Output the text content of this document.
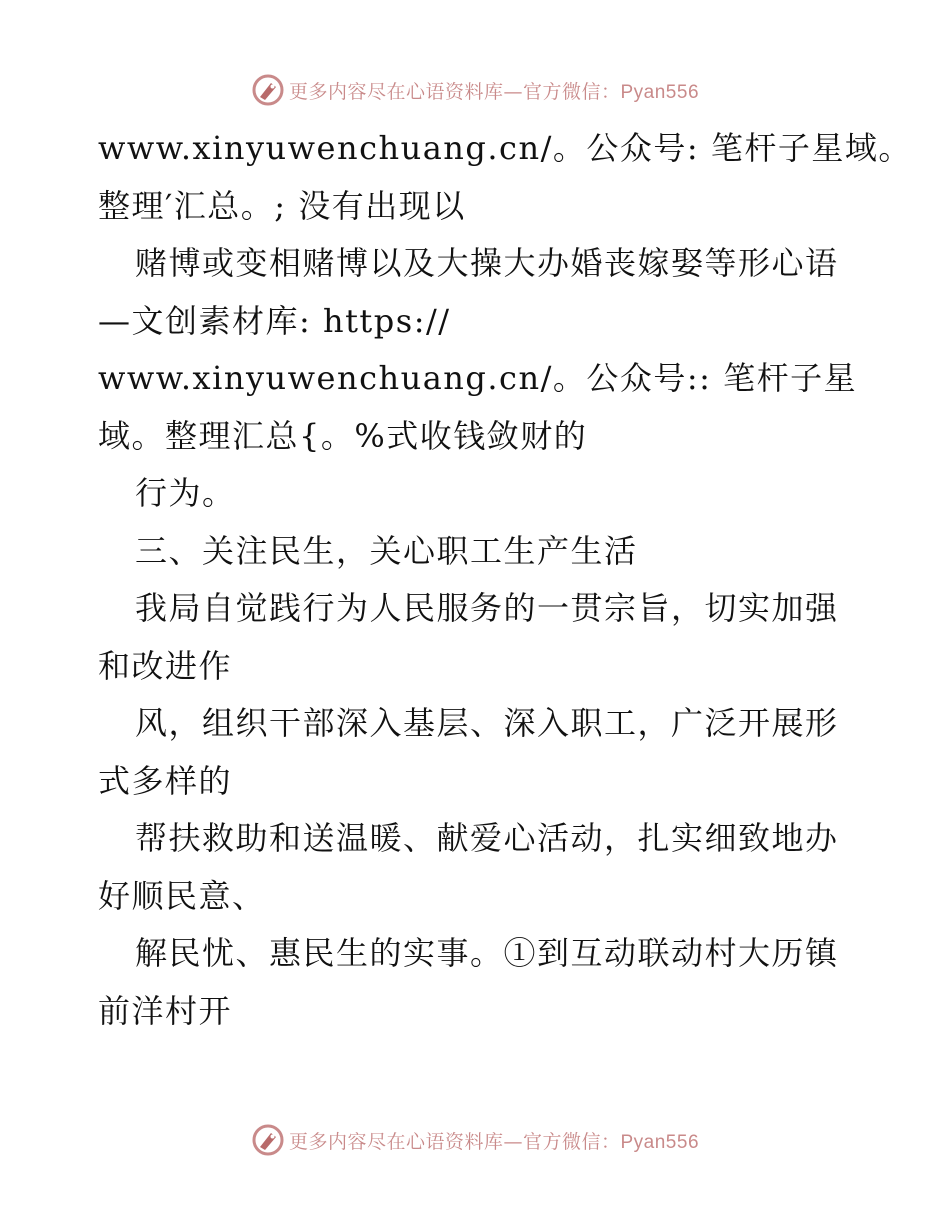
更多内容尽在心语资料库—官方微信：Pyan556
www.xinyuwenchuang.cn/。公众号: 笔杆子星域。
整理′汇总。; 没有出现以
赌博或变相赌博以及大操大办婚丧嫁娶等形心语
—文创素材库: https://
www.xinyuwenchuang.cn/。公众号:: 笔杆子星
域。整理汇总{。%式收钱敛财的
行为。
三、关注民生，关心职工生产生活
我局自觉践行为人民服务的一贯宗旨，切实加强
和改进作
风，组织干部深入基层、深入职工，广泛开展形
式多样的
帮扶救助和送温暖、献爱心活动，扎实细致地办
好顺民意、
解民忧、惠民生的实事。①到互动联动村大历镇
前洋村开
更多内容尽在心语资料库—官方微信：Pyan556
